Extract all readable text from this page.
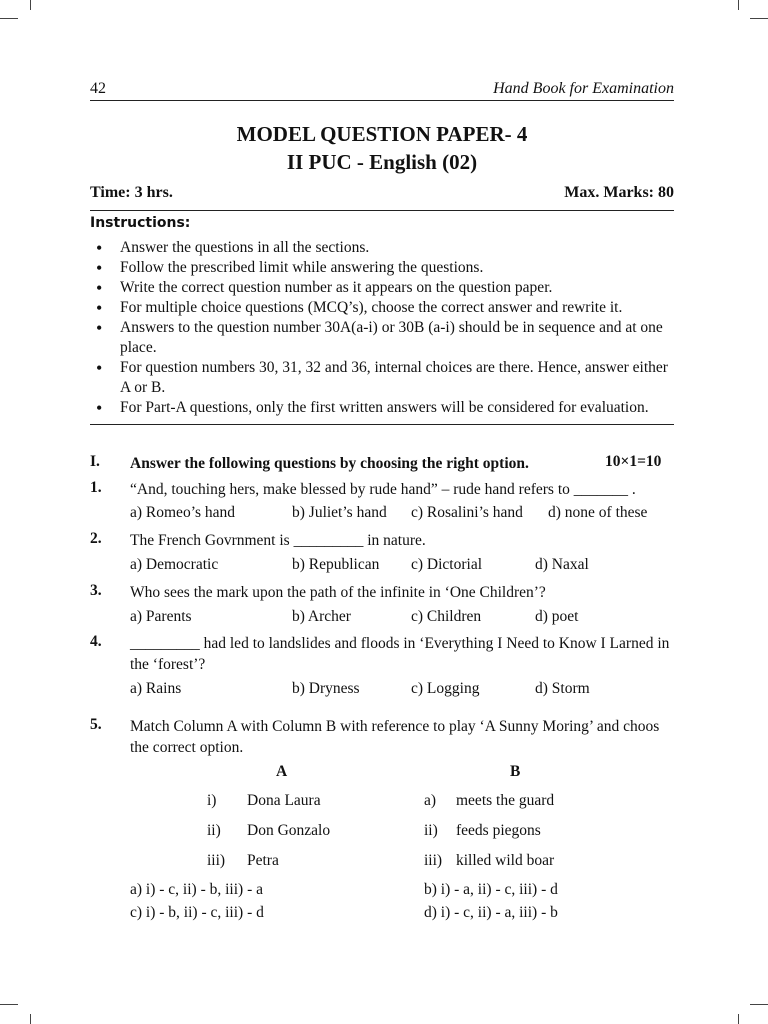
42	Hand Book for Examination
MODEL QUESTION PAPER- 4
II PUC - English (02)
Time: 3 hrs.	Max. Marks: 80
Instructions:
• Answer the questions in all the sections.
• Follow the prescribed limit while answering the questions.
• Write the correct question number as it appears on the question paper.
• For multiple choice questions (MCQ’s), choose the correct answer and rewrite it.
• Answers to the question number 30A(a-i) or 30B (a-i) should be in sequence and at one place.
• For question numbers 30, 31, 32 and 36, internal choices are there. Hence, answer either A or B.
• For Part-A questions, only the first written answers will be considered for evaluation.
I. Answer the following questions by choosing the right option.	10×1=10
1. “And, touching hers, make blessed by rude hand” – rude hand refers to _______ .
a) Romeo’s hand	b) Juliet’s hand c) Rosalini’s hand d) none of these
2. The French Govrnment is _________ in nature.
a) Democratic	b) Republican c) Dictorial	d) Naxal
3. Who sees the mark upon the path of the infinite in ‘One Children’?
a) Parents	b) Archer	c) Children	d) poet
4. _________ had led to landslides and floods in ‘Everything I Need to Know I Larned in the ‘forest’?
a) Rains	b) Dryness	c) Logging	d) Storm
5. Match Column A with Column B with reference to play ‘A Sunny Moring’ and choos the correct option.
A	B
i) Dona Laura	a) meets the guard
ii) Don Gonzalo	ii) feeds piegons
iii) Petra	iii) killed wild boar
a) i) - c, ii) - b, iii) - a	b) i) - a, ii) - c, iii) - d
c) i) - b, ii) - c, iii) - d	d) i) - c, ii) - a, iii) - b
